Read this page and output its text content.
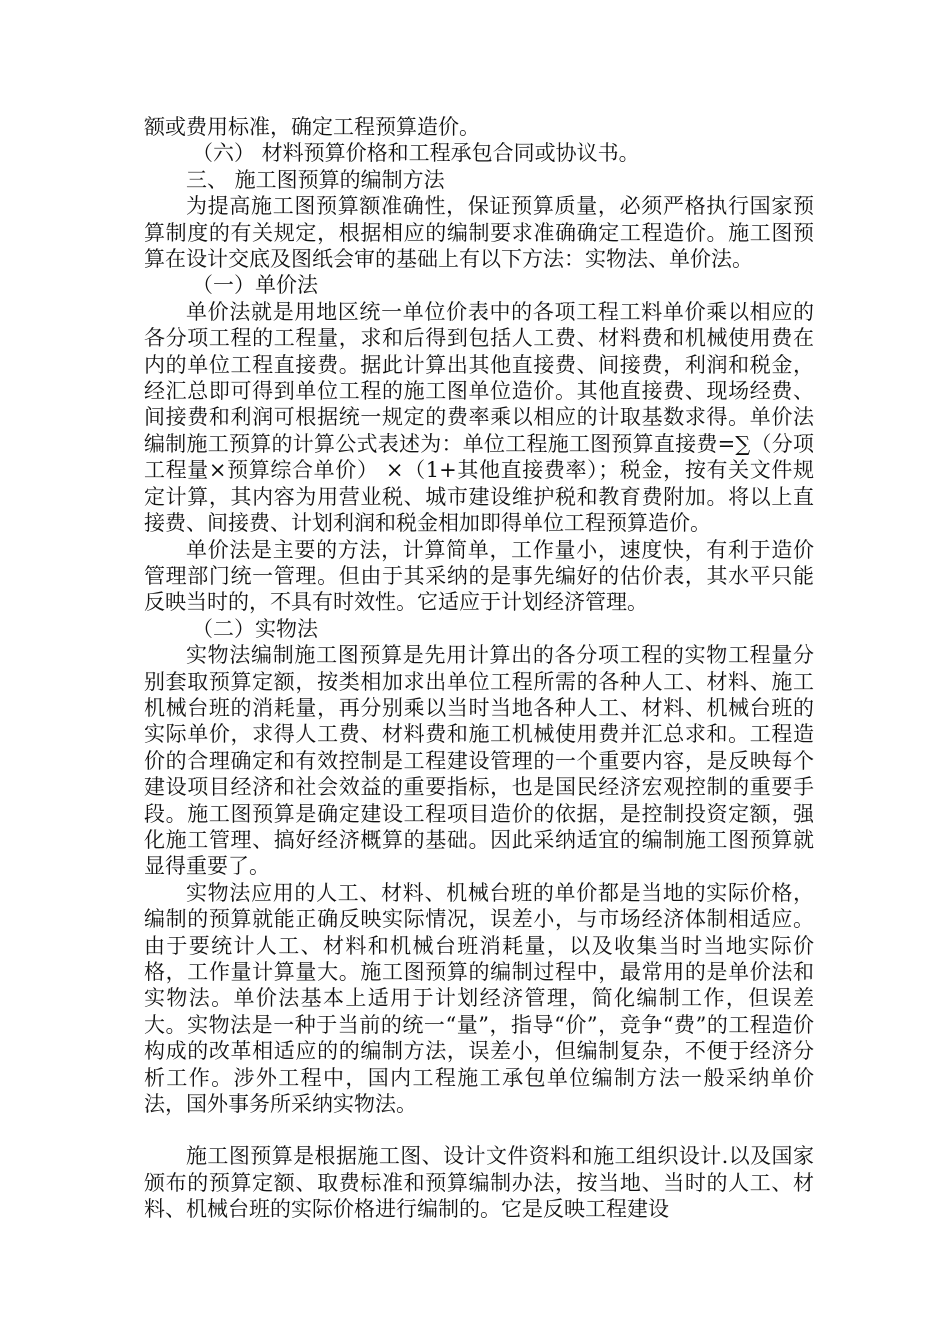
额或费用标准，确定工程预算造价。

（六） 材料预算价格和工程承包合同或协议书。

三、 施工图预算的编制方法

为提高施工图预算额准确性，保证预算质量，必须严格执行国家预算制度的有关规定，根据相应的编制要求准确确定工程造价。施工图预算在设计交底及图纸会审的基础上有以下方法：实物法、单价法。

（一）单价法

单价法就是用地区统一单位价表中的各项工程工料单价乘以相应的各分项工程的工程量，求和后得到包括人工费、材料费和机械使用费在内的单位工程直接费。据此计算出其他直接费、间接费，利润和税金，经汇总即可得到单位工程的施工图单位造价。其他直接费、现场经费、间接费和利润可根据统一规定的费率乘以相应的计取基数求得。单价法编制施工预算的计算公式表述为：单位工程施工图预算直接费=∑（分项工程量×预算综合单价） ×（1+其他直接费率）；税金，按有关文件规定计算，其内容为用营业税、城市建设维护税和教育费附加。将以上直接费、间接费、计划利润和税金相加即得单位工程预算造价。

单价法是主要的方法，计算简单，工作量小，速度快，有利于造价管理部门统一管理。但由于其采纳的是事先编好的估价表，其水平只能反映当时的，不具有时效性。它适应于计划经济管理。

（二）实物法

实物法编制施工图预算是先用计算出的各分项工程的实物工程量分别套取预算定额，按类相加求出单位工程所需的各种人工、材料、施工机械台班的消耗量，再分别乘以当时当地各种人工、材料、机械台班的实际单价，求得人工费、材料费和施工机械使用费并汇总求和。工程造价的合理确定和有效控制是工程建设管理的一个重要内容，是反映每个建设项目经济和社会效益的重要指标，也是国民经济宏观控制的重要手段。施工图预算是确定建设工程项目造价的依据，是控制投资定额，强化施工管理、搞好经济概算的基础。因此采纳适宜的编制施工图预算就显得重要了。

实物法应用的人工、材料、机械台班的单价都是当地的实际价格，编制的预算就能正确反映实际情况，误差小，与市场经济体制相适应。由于要统计人工、材料和机械台班消耗量，以及收集当时当地实际价格，工作量计算量大。施工图预算的编制过程中，最常用的是单价法和实物法。单价法基本上适用于计划经济管理，简化编制工作，但误差大。实物法是一种于当前的统一“量”，指导“价”，竞争“费”的工程造价构成的改革相适应的的编制方法，误差小，但编制复杂，不便于经济分析工作。涉外工程中，国内工程施工承包单位编制方法一般采纳单价法，国外事务所采纳实物法。

施工图预算是根据施工图、设计文件资料和施工组织设计.以及国家颁布的预算定额、取费标准和预算编制办法，按当地、当时的人工、材料、机械台班的实际价格进行编制的。它是反映工程建设
